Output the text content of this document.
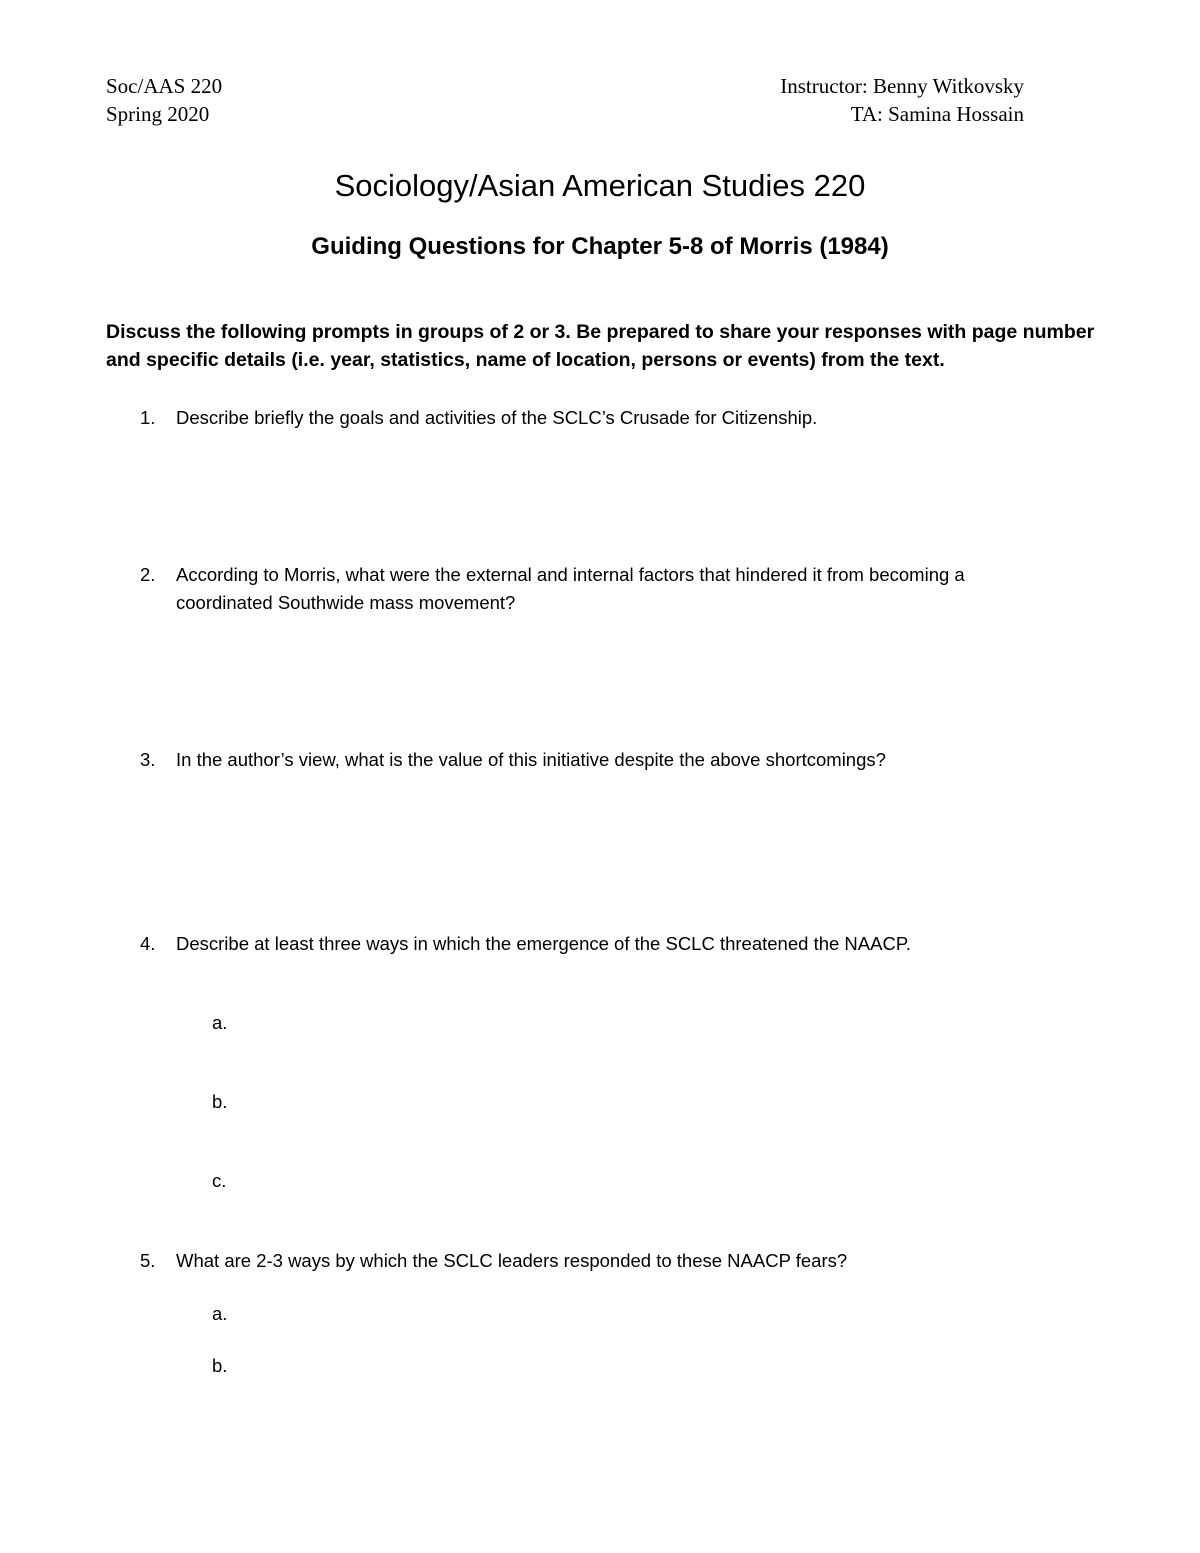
Soc/AAS 220
Spring 2020
Instructor: Benny Witkovsky
TA: Samina Hossain
Sociology/Asian American Studies 220
Guiding Questions for Chapter 5-8 of Morris (1984)
Discuss the following prompts in groups of 2 or 3. Be prepared to share your responses with page number and specific details (i.e. year, statistics, name of location, persons or events) from the text.
1.	Describe briefly the goals and activities of the SCLC’s Crusade for Citizenship.
2.	According to Morris, what were the external and internal factors that hindered it from becoming a coordinated Southwide mass movement?
3.	In the author’s view, what is the value of this initiative despite the above shortcomings?
4.	Describe at least three ways in which the emergence of the SCLC threatened the NAACP.
a.
b.
c.
5.	What are 2-3 ways by which the SCLC leaders responded to these NAACP fears?
a.
b.
